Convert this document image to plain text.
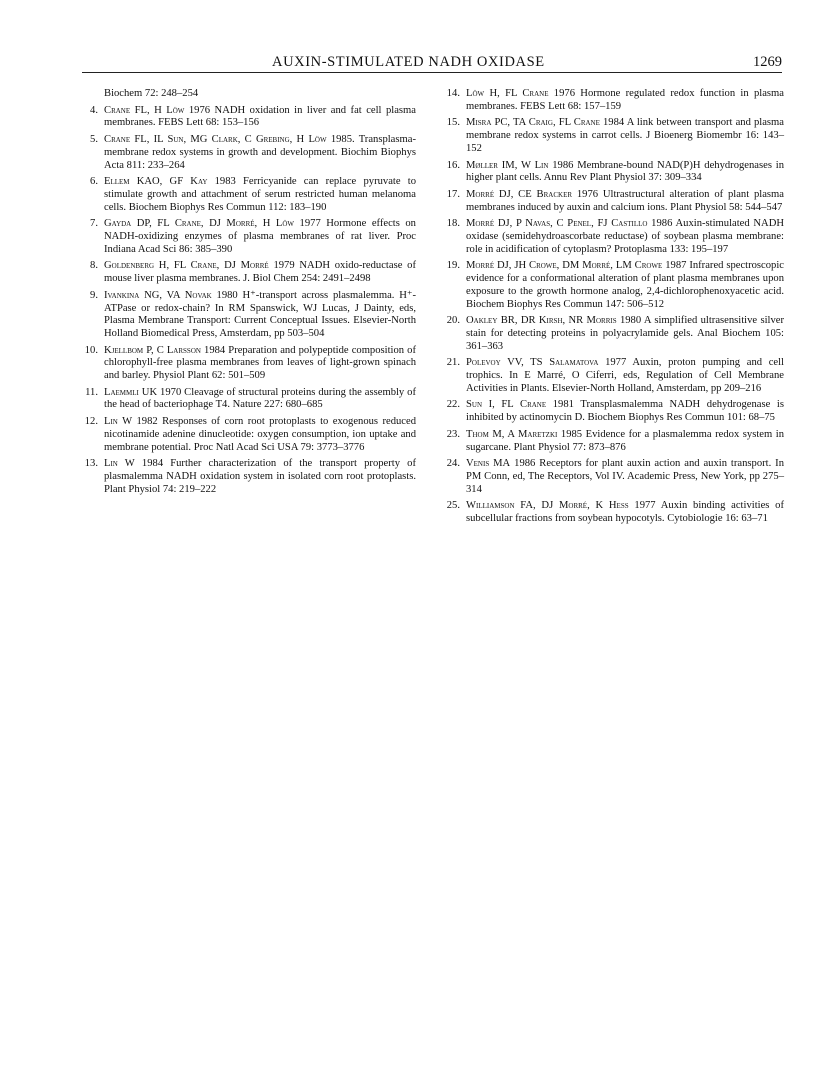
AUXIN-STIMULATED NADH OXIDASE	1269
Biochem 72: 248–254
4. Crane FL, H Löw 1976 NADH oxidation in liver and fat cell plasma membranes. FEBS Lett 68: 153–156
5. Crane FL, IL Sun, MG Clark, C Grebing, H Löw 1985. Transplasma-membrane redox systems in growth and development. Biochim Biophys Acta 811: 233–264
6. Ellem KAO, GF Kay 1983 Ferricyanide can replace pyruvate to stimulate growth and attachment of serum restricted human melanoma cells. Biochem Biophys Res Commun 112: 183–190
7. Gayda DP, FL Crane, DJ Morré, H Löw 1977 Hormone effects on NADH-oxidizing enzymes of plasma membranes of rat liver. Proc Indiana Acad Sci 86: 385–390
8. Goldenberg H, FL Crane, DJ Morré 1979 NADH oxido-reductase of mouse liver plasma membranes. J. Biol Chem 254: 2491–2498
9. Ivankina NG, VA Novak 1980 H⁺-transport across plasmalemma. H⁺-ATPase or redox-chain? In RM Spanswick, WJ Lucas, J Dainty, eds, Plasma Membrane Transport: Current Conceptual Issues. Elsevier-North Holland Biomedical Press, Amsterdam, pp 503–504
10. Kjellbom P, C Larsson 1984 Preparation and polypeptide composition of chlorophyll-free plasma membranes from leaves of light-grown spinach and barley. Physiol Plant 62: 501–509
11. Laemmli UK 1970 Cleavage of structural proteins during the assembly of the head of bacteriophage T4. Nature 227: 680–685
12. Lin W 1982 Responses of corn root protoplasts to exogenous reduced nicotinamide adenine dinucleotide: oxygen consumption, ion uptake and membrane potential. Proc Natl Acad Sci USA 79: 3773–3776
13. Lin W 1984 Further characterization of the transport property of plasmalemma NADH oxidation system in isolated corn root protoplasts. Plant Physiol 74: 219–222
14. Löw H, FL Crane 1976 Hormone regulated redox function in plasma membranes. FEBS Lett 68: 157–159
15. Misra PC, TA Craig, FL Crane 1984 A link between transport and plasma membrane redox systems in carrot cells. J Bioenerg Biomembr 16: 143–152
16. Møller IM, W Lin 1986 Membrane-bound NAD(P)H dehydrogenases in higher plant cells. Annu Rev Plant Physiol 37: 309–334
17. Morré DJ, CE Bracker 1976 Ultrastructural alteration of plant plasma membranes induced by auxin and calcium ions. Plant Physiol 58: 544–547
18. Morré DJ, P Navas, C Penel, FJ Castillo 1986 Auxin-stimulated NADH oxidase (semidehydroascorbate reductase) of soybean plasma membrane: role in acidification of cytoplasm? Protoplasma 133: 195–197
19. Morré DJ, JH Crowe, DM Morré, LM Crowe 1987 Infrared spectroscopic evidence for a conformational alteration of plant plasma membranes upon exposure to the growth hormone analog, 2,4-dichlorophenoxyacetic acid. Biochem Biophys Res Commun 147: 506–512
20. Oakley BR, DR Kirsh, NR Morris 1980 A simplified ultrasensitive silver stain for detecting proteins in polyacrylamide gels. Anal Biochem 105: 361–363
21. Polevoy VV, TS Salamatova 1977 Auxin, proton pumping and cell trophics. In E Marré, O Ciferri, eds, Regulation of Cell Membrane Activities in Plants. Elsevier-North Holland, Amsterdam, pp 209–216
22. Sun I, FL Crane 1981 Transplasmalemma NADH dehydrogenase is inhibited by actinomycin D. Biochem Biophys Res Commun 101: 68–75
23. Thom M, A Maretzki 1985 Evidence for a plasmalemma redox system in sugarcane. Plant Physiol 77: 873–876
24. Venis MA 1986 Receptors for plant auxin action and auxin transport. In PM Conn, ed, The Receptors, Vol IV. Academic Press, New York, pp 275–314
25. Williamson FA, DJ Morré, K Hess 1977 Auxin binding activities of subcellular fractions from soybean hypocotyls. Cytobiologie 16: 63–71
